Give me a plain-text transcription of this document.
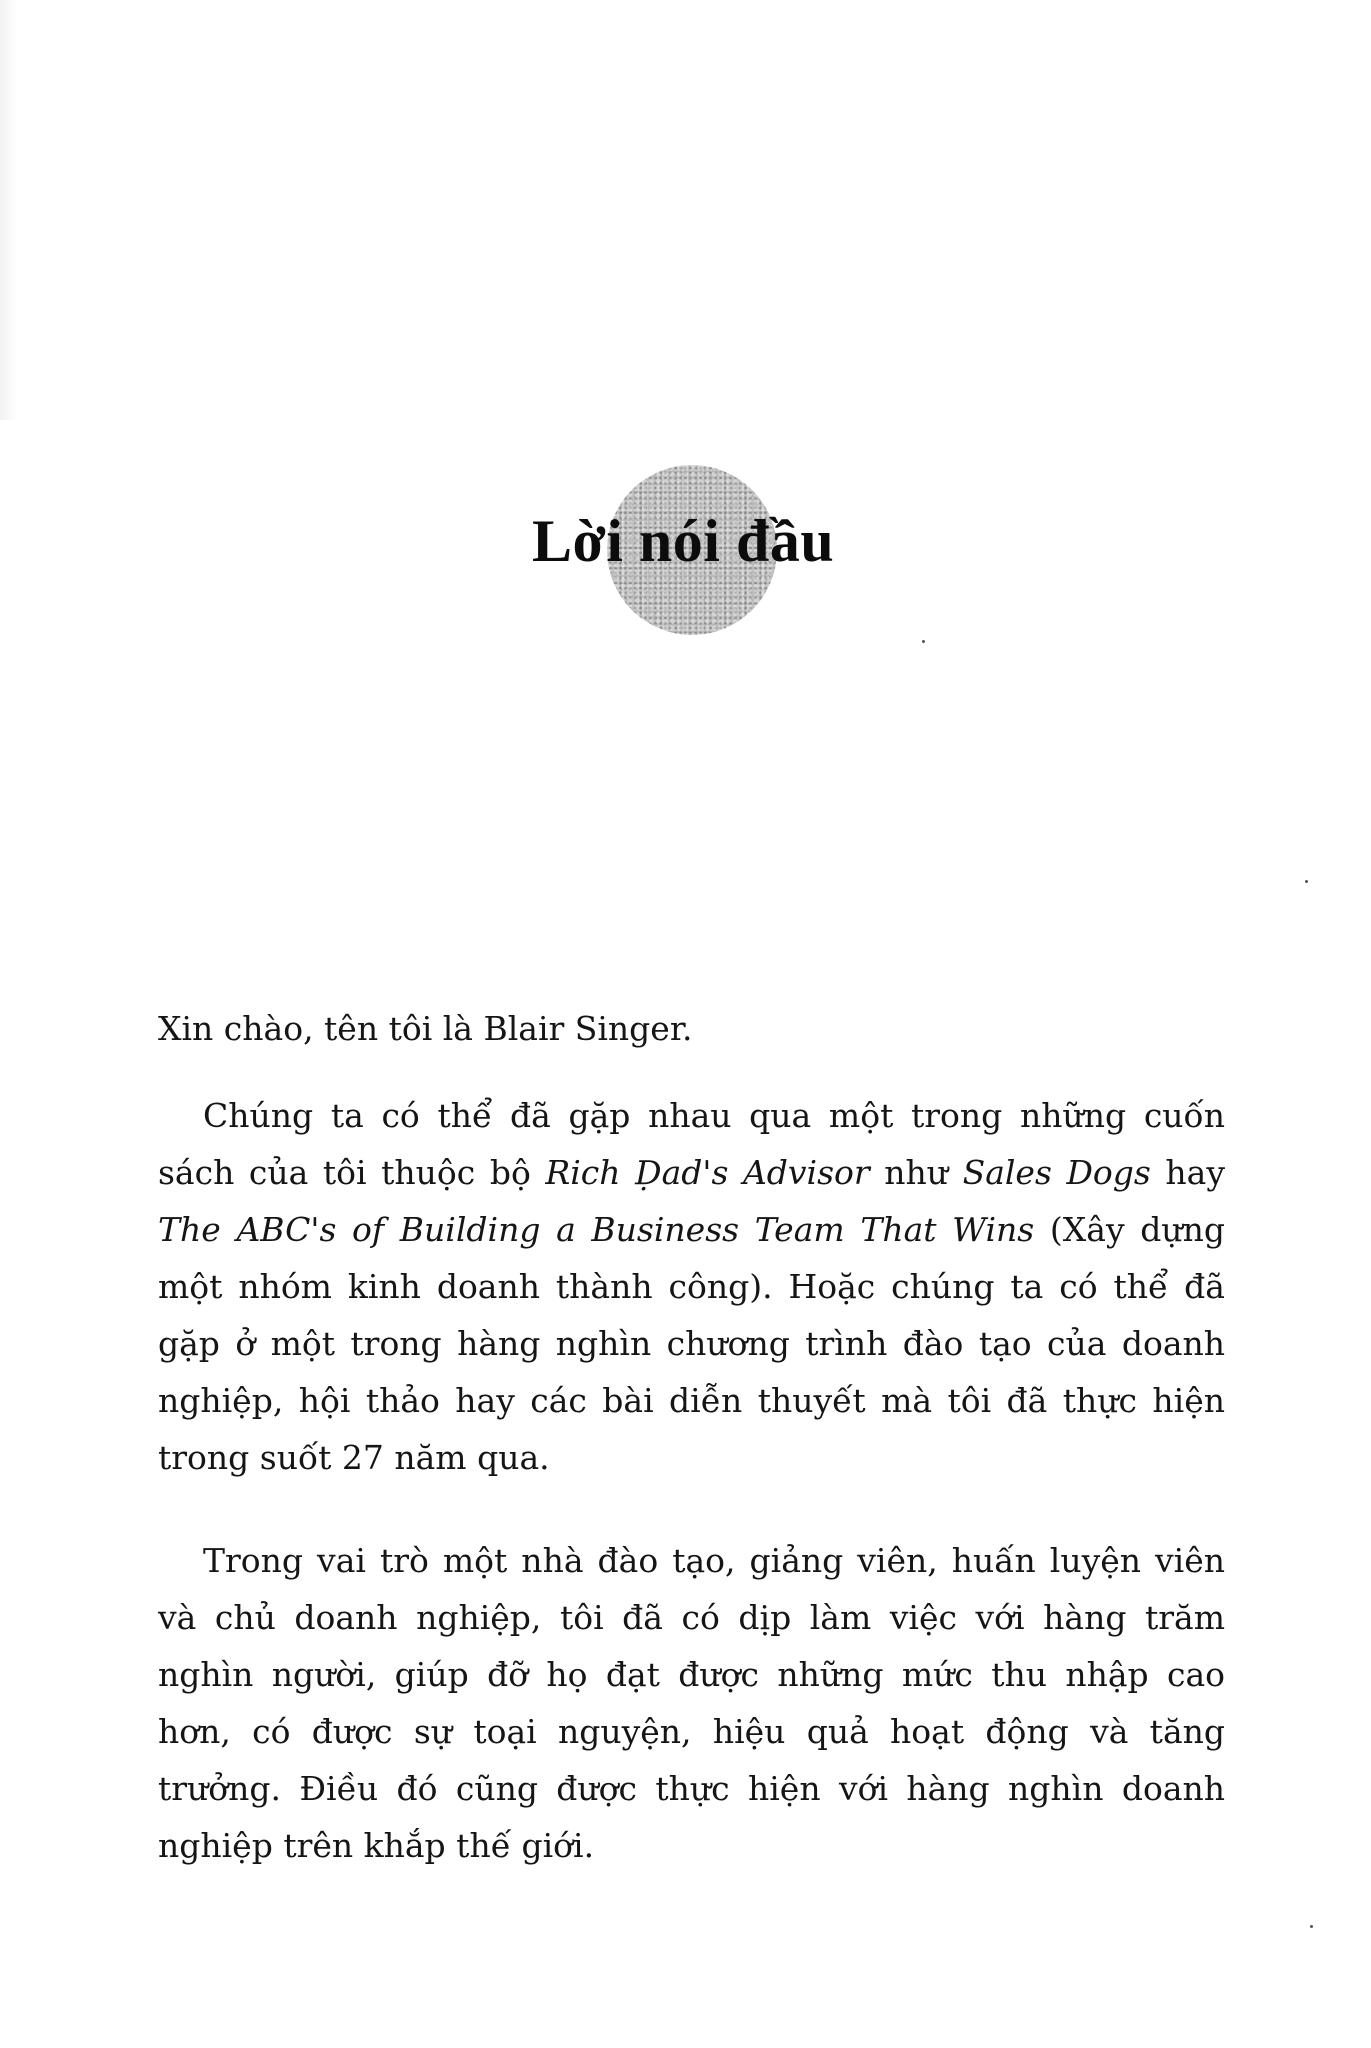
Lời nói đầu

Xin chào, tên tôi là Blair Singer.

Chúng ta có thể đã gặp nhau qua một trong những cuốn
sách của tôi thuộc bộ Rich Ḍad's Advisor như Sales Dogs hay
The ABC's of Building a Business Team That Wins (Xây dựng
một nhóm kinh doanh thành công). Hoặc chúng ta có thể đã
gặp ở một trong hàng nghìn chương trình đào tạo của doanh
nghiệp, hội thảo hay các bài diễn thuyết mà tôi đã thực hiện
trong suốt 27 năm qua.

Trong vai trò một nhà đào tạo, giảng viên, huấn luyện viên
và chủ doanh nghiệp, tôi đã có dịp làm việc với hàng trăm
nghìn người, giúp đỡ họ đạt được những mức thu nhập cao
hơn, có được sự toại nguyện, hiệu quả hoạt động và tăng
trưởng. Điều đó cũng được thực hiện với hàng nghìn doanh
nghiệp trên khắp thế giới.
